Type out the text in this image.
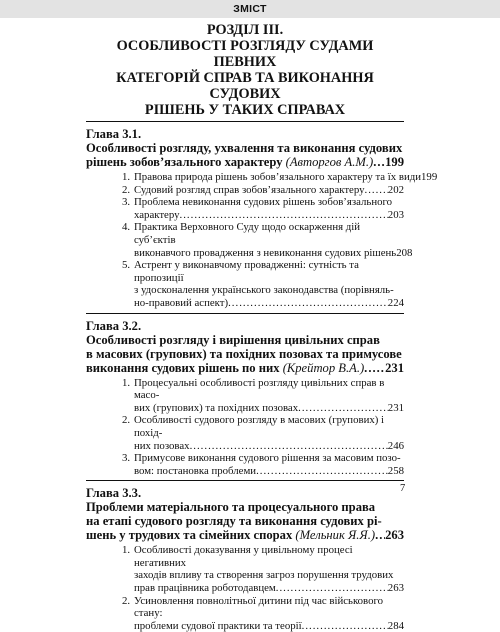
ЗМІСТ
РОЗДІЛ ІІІ.
ОСОБЛИВОСТІ РОЗГЛЯДУ СУДАМИ ПЕВНИХ
КАТЕГОРІЙ СПРАВ ТА ВИКОНАННЯ СУДОВИХ
РІШЕНЬ У ТАКИХ СПРАВАХ
Глава 3.1.
Особливості розгляду, ухвалення та виконання судових
рішень зобов’язального характеру (Авторгов А.М.) ..... 199
1. Правова природа рішень зобов’язального характеру та їх види 199
2. Судовий розгляд справ зобов’язального характеру ..... 202
3. Проблема невиконання судових рішень зобов’язального
характеру .....	203
4. Практика Верховного Суду щодо оскарження дій суб’єктів
виконавчого провадження з невиконання судових рішень 208
5. Астрент у виконавчому провадженні: сутність та пропозиції
з удосконалення українського законодавства (порівняль-
но-правовий аспект) .....	224
Глава 3.2.
Особливості розгляду і вирішення цивільних справ
в масових (групових) та похідних позовах та примусове
виконання судових рішень по них (Крейтор В.А.) ..... 231
1. Процесуальні особливості розгляду цивільних справ в масо-
вих (групових) та похідних позовах .....	231
2. Особливості судового розгляду в масових (групових) і похід-
них позовах .....	246
3. Примусове виконання судового рішення за масовим позо-
вом: постановка проблеми .....	258
Глава 3.3.
Проблеми матеріального та процесуального права
на етапі судового розгляду та виконання судових рі-
шень у трудових та сімейних спорах (Мельник Я.Я.) ..... 263
1. Особливості доказування у цивільному процесі негативних
заходів впливу та створення загроз порушення трудових
прав працівника роботодавцем .....	263
2. Усиновлення повнолітньої дитини під час військового стану:
проблеми судової практики та теорії .....	284
7
